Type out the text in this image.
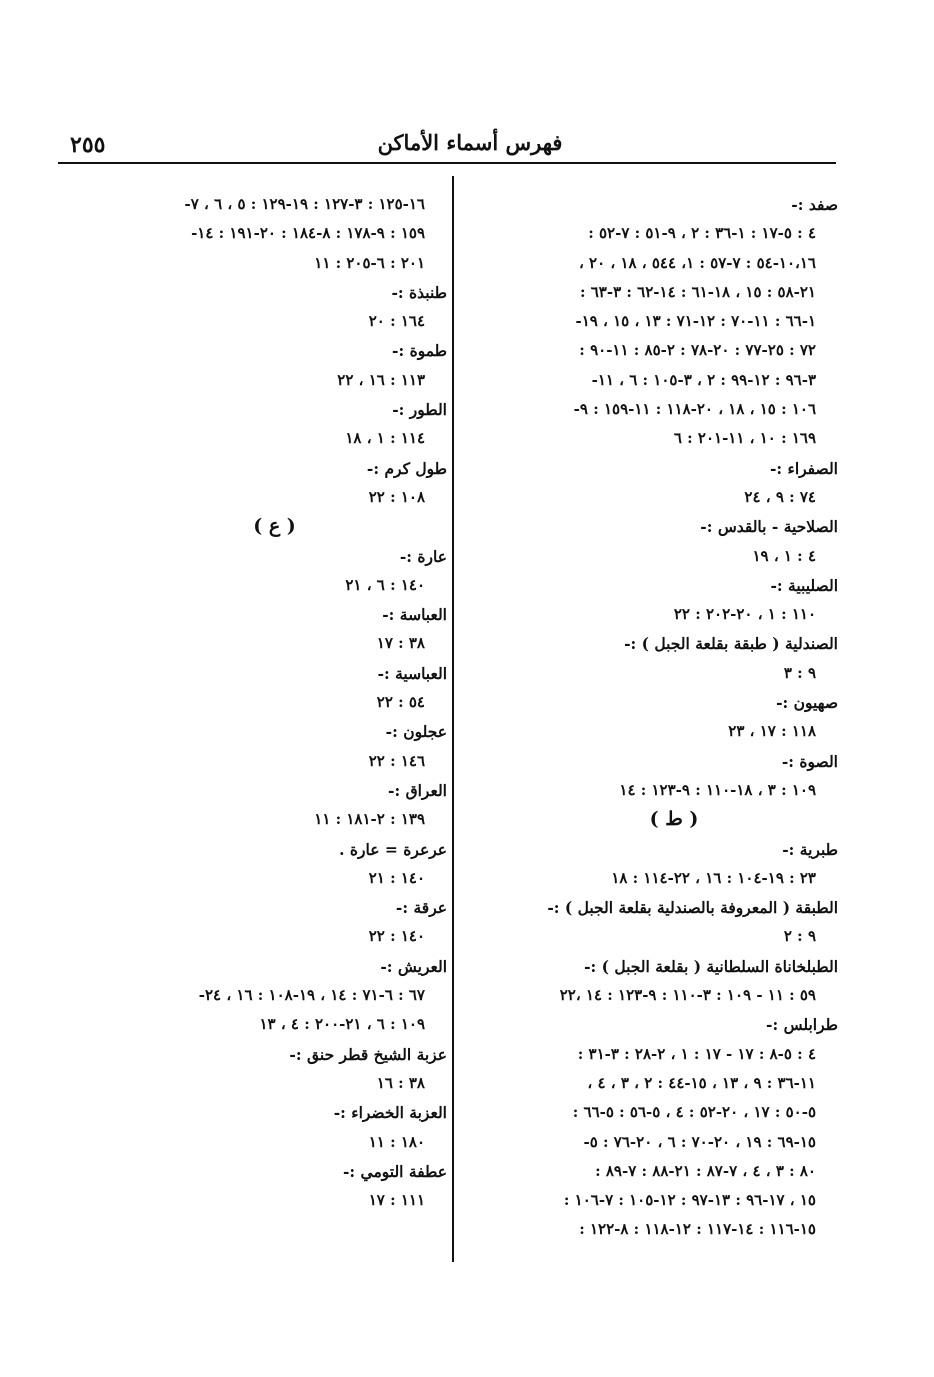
٢٥٥	فهرس أسماء الأماكن
صفد :-
٤ : ٥-١٧ : ١-٣٦ : ٢ ، ٩-٥١ : ٧-٥٢ :
١٠،١٦-٥٤ : ٧-٥٧ : ١، ٥٤٤ ، ١٨ ، ٢٠ ،
٢١-٥٨ : ١٥ ، ١٨-٦١ : ١٤-٦٢ : ٣-٦٣ :
١-٦٦ : ١١-٧٠ : ١٢-٧١ : ١٣ ، ١٥ ، ١٩-
٧٢ : ٢٥-٧٧ : ٢٠-٧٨ : ٢-٨٥ : ١١-٩٠ :
٣-٩٦ : ١٢-٩٩ : ٢ ، ٣-١٠٥ : ٦ ، ١١-
١٠٦ : ١٥ ، ١٨ ، ٢٠-١١٨ : ١١-١٥٩ : ٩-
١٦٩ : ١٠ ، ١١-٢٠١ : ٦
الصفراء :-
٧٤ : ٩ ، ٢٤
الصلاحية - بالقدس :-
٤ : ١ ، ١٩
الصليبية :-
١١٠ : ١ ، ٢٠-٢٠٢ : ٢٢
الصندلية ( طبقة بقلعة الجبل ) :-
٩ : ٣
صهيون :-
١١٨ : ١٧ ، ٢٣
الصوة :-
١٠٩ : ٣ ، ١٨-١١٠ : ٩-١٢٣ : ١٤
( ط )
طبرية :-
٢٣ : ١٩-١٠٤ : ١٦ ، ٢٢-١١٤ : ١٨
الطبقة ( المعروفة بالصندلية بقلعة الجبل ) :-
٩ : ٢
الطبلخاناة السلطانية ( بقلعة الجبل ) :-
٥٩ : ١١ - ١٠٩ : ٣-١١٠ : ٩-١٢٣ : ١٤ ،٢٢
طرابلس :-
٤ : ٥-٨ : ١٧ - ١٧ : ١ ، ٢-٢٨ : ٣-٣١ :
١١-٣٦ : ٩ ، ١٣ ، ١٥-٤٤ : ٢ ، ٣ ، ٤ ،
٥-٥٠ : ١٧ ، ٢٠-٥٢ : ٤ ، ٥-٥٦ : ٥-٦٦ :
١٥-٦٩ : ١٩ ، ٢٠-٧٠ : ٦ ، ٢٠-٧٦ : ٥-
٨٠ : ٣ ، ٤ ، ٧-٨٧ : ٢١-٨٨ : ٧-٨٩ :
١٥ ، ١٧-٩٦ : ١٣-٩٧ : ١٢-١٠٥ : ٧-١٠٦ :
١٥-١١٦ : ١٤-١١٧ : ١٢-١١٨ : ٨-١٢٢ :
١٦-١٢٥ : ٣-١٢٧ : ١٩-١٢٩ : ٥ ، ٦ ، ٧-
١٥٩ : ٩-١٧٨ : ٨-١٨٤ : ٢٠-١٩١ : ١٤-
٢٠١ : ٦-٢٠٥ : ١١
طنبذة :-
١٦٤ : ٢٠
طموة :-
١١٣ : ١٦ ، ٢٢
الطور :-
١١٤ : ١ ، ١٨
طول كرم :-
١٠٨ : ٢٢
( ع )
عارة :-
١٤٠ : ٦ ، ٢١
العباسة :-
٣٨ : ١٧
العباسية :-
٥٤ : ٢٢
عجلون :-
١٤٦ : ٢٢
العراق :-
١٣٩ : ٢-١٨١ : ١١
عرعرة = عارة .
١٤٠ : ٢١
عرقة :-
١٤٠ : ٢٢
العريش :-
٦٧ : ٦-٧١ : ١٤ ، ١٩-١٠٨ : ١٦ ، ٢٤-
١٠٩ : ٦ ، ٢١-٢٠٠ : ٤ ، ١٣
عزبة الشيخ قطر حنق :-
٣٨ : ١٦
العزبة الخضراء :-
١٨٠ : ١١
عطفة التومي :-
١١١ : ١٧
